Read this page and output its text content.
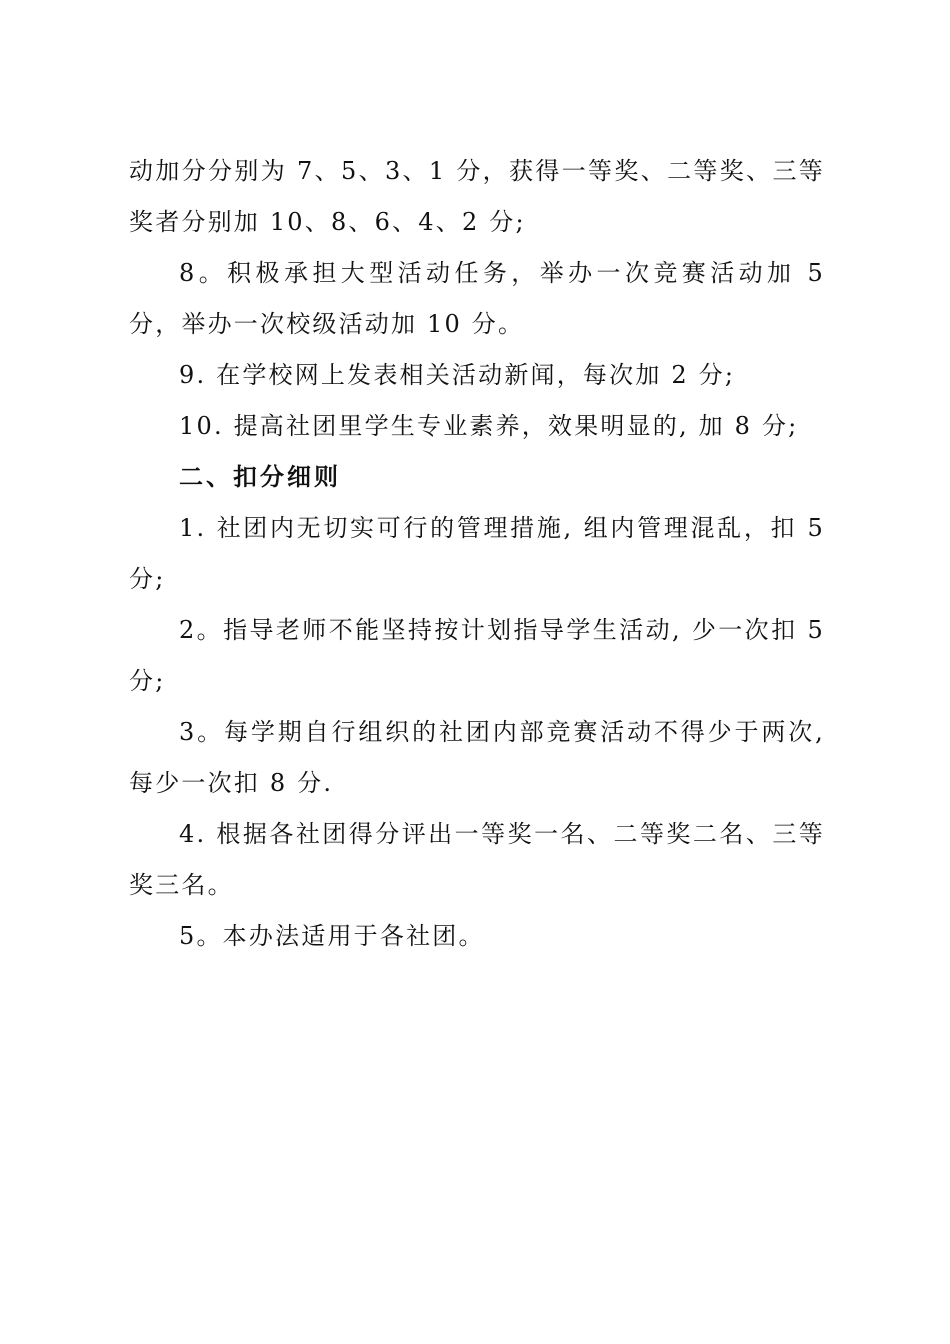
动加分分别为 7、5、3、1 分，获得一等奖、二等奖、三等奖者分别加 10、8、6、4、2 分;

8。积极承担大型活动任务，举办一次竞赛活动加 5 分，举办一次校级活动加 10 分。

9. 在学校网上发表相关活动新闻，每次加 2 分;

10. 提高社团里学生专业素养，效果明显的, 加 8 分;

二、扣分细则

1. 社团内无切实可行的管理措施, 组内管理混乱，扣 5 分;

2。指导老师不能坚持按计划指导学生活动, 少一次扣 5 分;

3。每学期自行组织的社团内部竞赛活动不得少于两次, 每少一次扣 8 分.

4. 根据各社团得分评出一等奖一名、二等奖二名、三等奖三名。

5。本办法适用于各社团。
